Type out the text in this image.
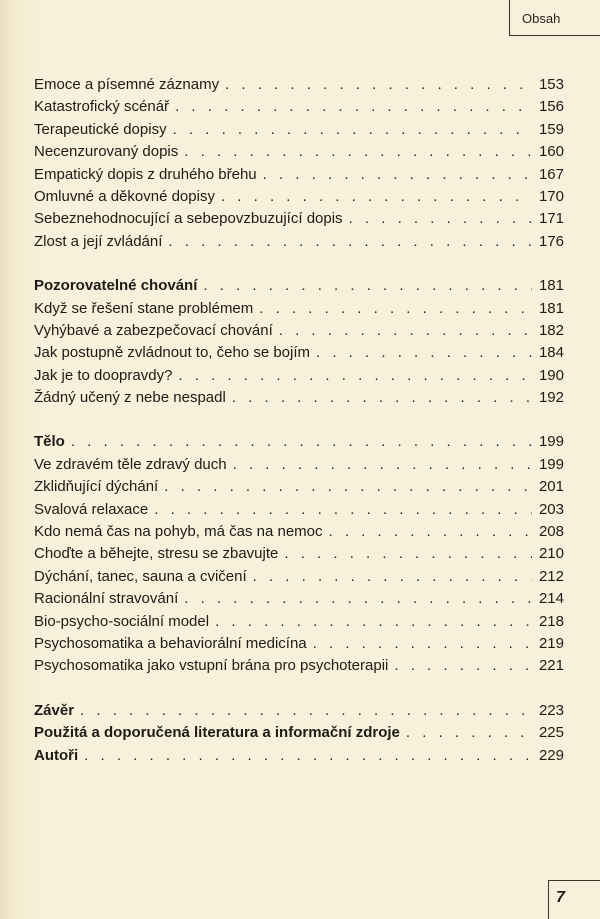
Obsah
Emoce a písemné záznamy . . .	153
Katastrofický scénář . . .	156
Terapeutické dopisy . . .	159
Necenzurovaný dopis . . .	160
Empatický dopis z druhého břehu . . .	167
Omluvné a děkovné dopisy . . .	170
Sebeznehodnocující a sebepovzbuzující dopis . . .	171
Zlost a její zvládání . . .	176
Pozorovatelné chování . . .	181
Když se řešení stane problémem . . .	181
Vyhýbavé a zabezpečovací chování . . .	182
Jak postupně zvládnout to, čeho se bojím . . .	184
Jak je to doopravdy? . . .	190
Žádný učený z nebe nespadl . . .	192
Tělo . . .	199
Ve zdravém těle zdravý duch . . .	199
Zklidňující dýchání . . .	201
Svalová relaxace . . .	203
Kdo nemá čas na pohyb, má čas na nemoc . . .	208
Choďte a běhejte, stresu se zbavujte . . .	210
Dýchání, tanec, sauna a cvičení . . .	212
Racionální stravování . . .	214
Bio-psycho-sociální model . . .	218
Psychosomatika a behaviorální medicína . . .	219
Psychosomatika jako vstupní brána pro psychoterapii . . .	221
Závěr . . .	223
Použitá a doporučená literatura a informační zdroje . . .	225
Autoři . . .	229
7
